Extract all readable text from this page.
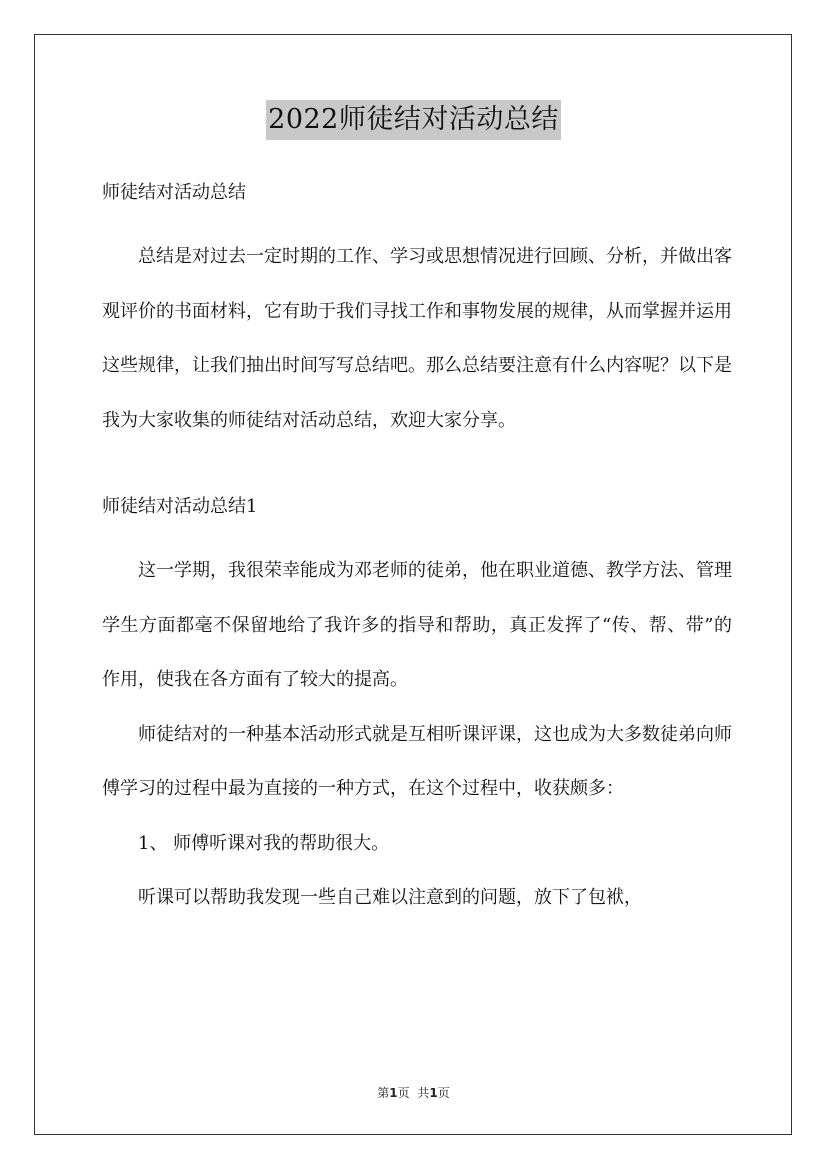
2022师徒结对活动总结

师徒结对活动总结

总结是对过去一定时期的工作、学习或思想情况进行回顾、分析，并做出客观评价的书面材料，它有助于我们寻找工作和事物发展的规律，从而掌握并运用这些规律，让我们抽出时间写写总结吧。那么总结要注意有什么内容呢？以下是我为大家收集的师徒结对活动总结，欢迎大家分享。

师徒结对活动总结1

这一学期，我很荣幸能成为邓老师的徒弟，他在职业道德、教学方法、管理学生方面都毫不保留地给了我许多的指导和帮助，真正发挥了“传、帮、带”的作用，使我在各方面有了较大的提高。

师徒结对的一种基本活动形式就是互相听课评课，这也成为大多数徒弟向师傅学习的过程中最为直接的一种方式，在这个过程中，收获颇多：

1、 师傅听课对我的帮助很大。

听课可以帮助我发现一些自己难以注意到的问题，放下了包袱，

第1页 共1页
